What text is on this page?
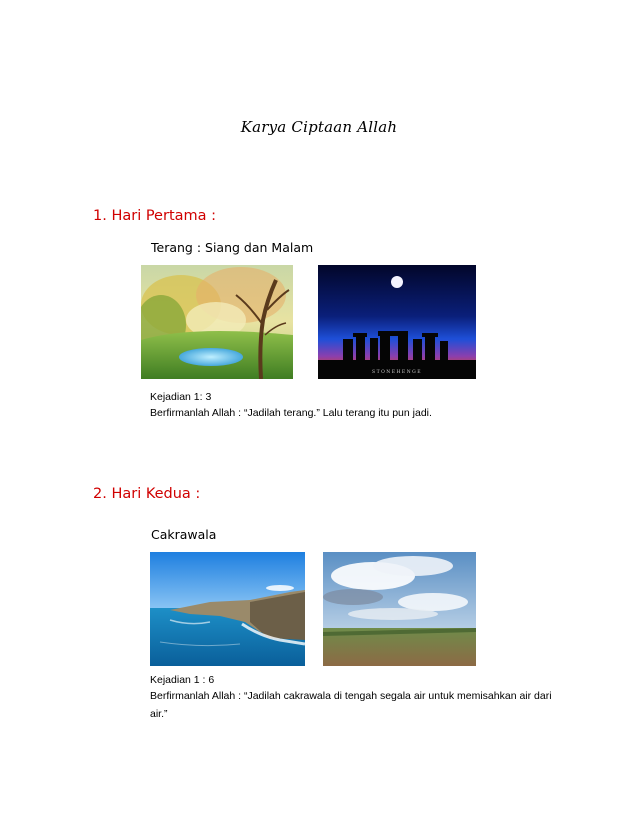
Karya Ciptaan Allah
1. Hari Pertama :
Terang : Siang dan Malam
STONEHENGE
Kejadian 1: 3
Berfirmanlah Allah : “Jadilah terang.” Lalu terang itu pun jadi.
2. Hari Kedua :
Cakrawala
Kejadian 1 : 6
Berfirmanlah Allah : “Jadilah cakrawala di tengah segala air untuk memisahkan air dari
air.”
